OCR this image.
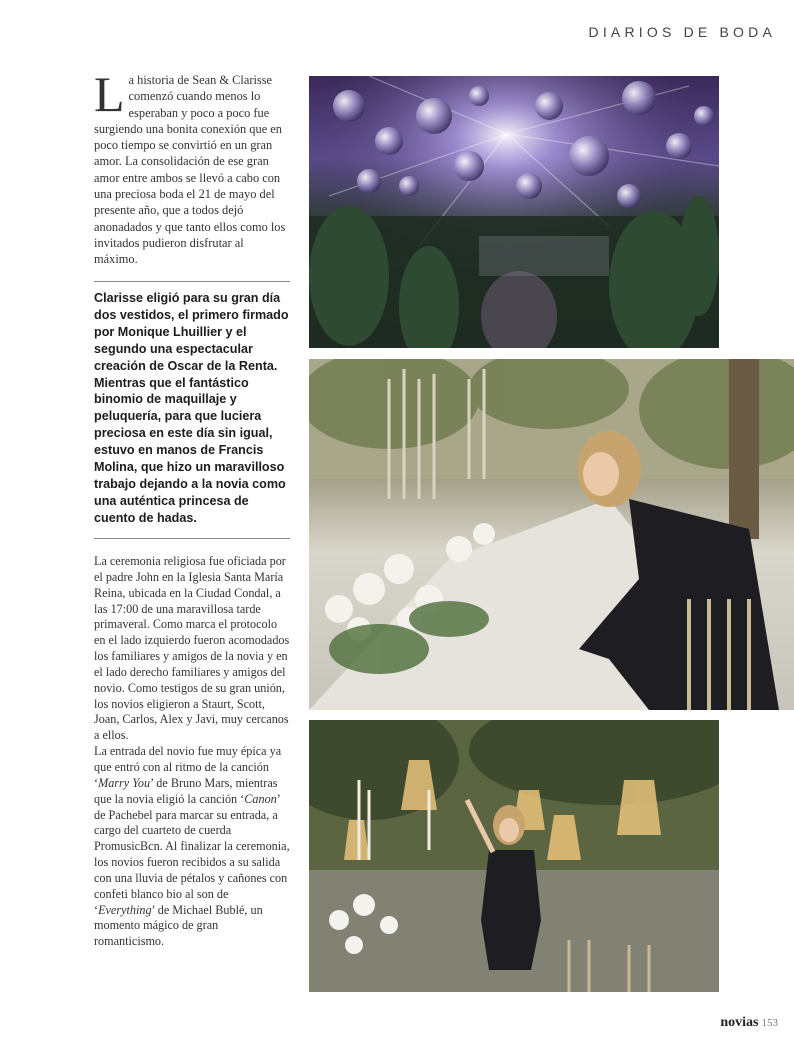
DIARIOS DE BODA
La historia de Sean & Clarisse comenzó cuando menos lo esperaban y poco a poco fue surgiendo una bonita conexión que en poco tiempo se convirtió en un gran amor. La consolidación de ese gran amor entre ambos se llevó a cabo con una preciosa boda el 21 de mayo del presente año, que a todos dejó anonadados y que tanto ellos como los invitados pudieron disfrutar al máximo.
Clarisse eligió para su gran día dos vestidos, el primero firmado por Monique Lhuillier y el segundo una espectacular creación de Oscar de la Renta. Mientras que el fantástico binomio de maquillaje y peluquería, para que luciera preciosa en este día sin igual, estuvo en manos de Francis Molina, que hizo un maravilloso trabajo dejando a la novia como una auténtica princesa de cuento de hadas.

La ceremonia religiosa fue oficiada por el padre John en la Iglesia Santa María Reina, ubicada en la Ciudad Condal, a las 17:00 de una maravillosa tarde primaveral. Como marca el protocolo en el lado izquierdo fueron acomodados los familiares y amigos de la novia y en el lado derecho familiares y amigos del novio. Como testigos de su gran unión, los novios eligieron a Staurt, Scott, Joan, Carlos, Alex y Javi, muy cercanos a ellos.

La entrada del novio fue muy épica ya que entró con al ritmo de la canción ‘Marry You’ de Bruno Mars, mientras que la novia eligió la canción ‘Canon’ de Pachebel para marcar su entrada, a cargo del cuarteto de cuerda PromusicBcn. Al finalizar la ceremonia, los novios fueron recibidos a su salida con una lluvia de pétalos y cañones con confeti blanco bio al son de ‘Everything’ de Michael Bublé, un momento mágico de gran romanticismo.

novias 153
